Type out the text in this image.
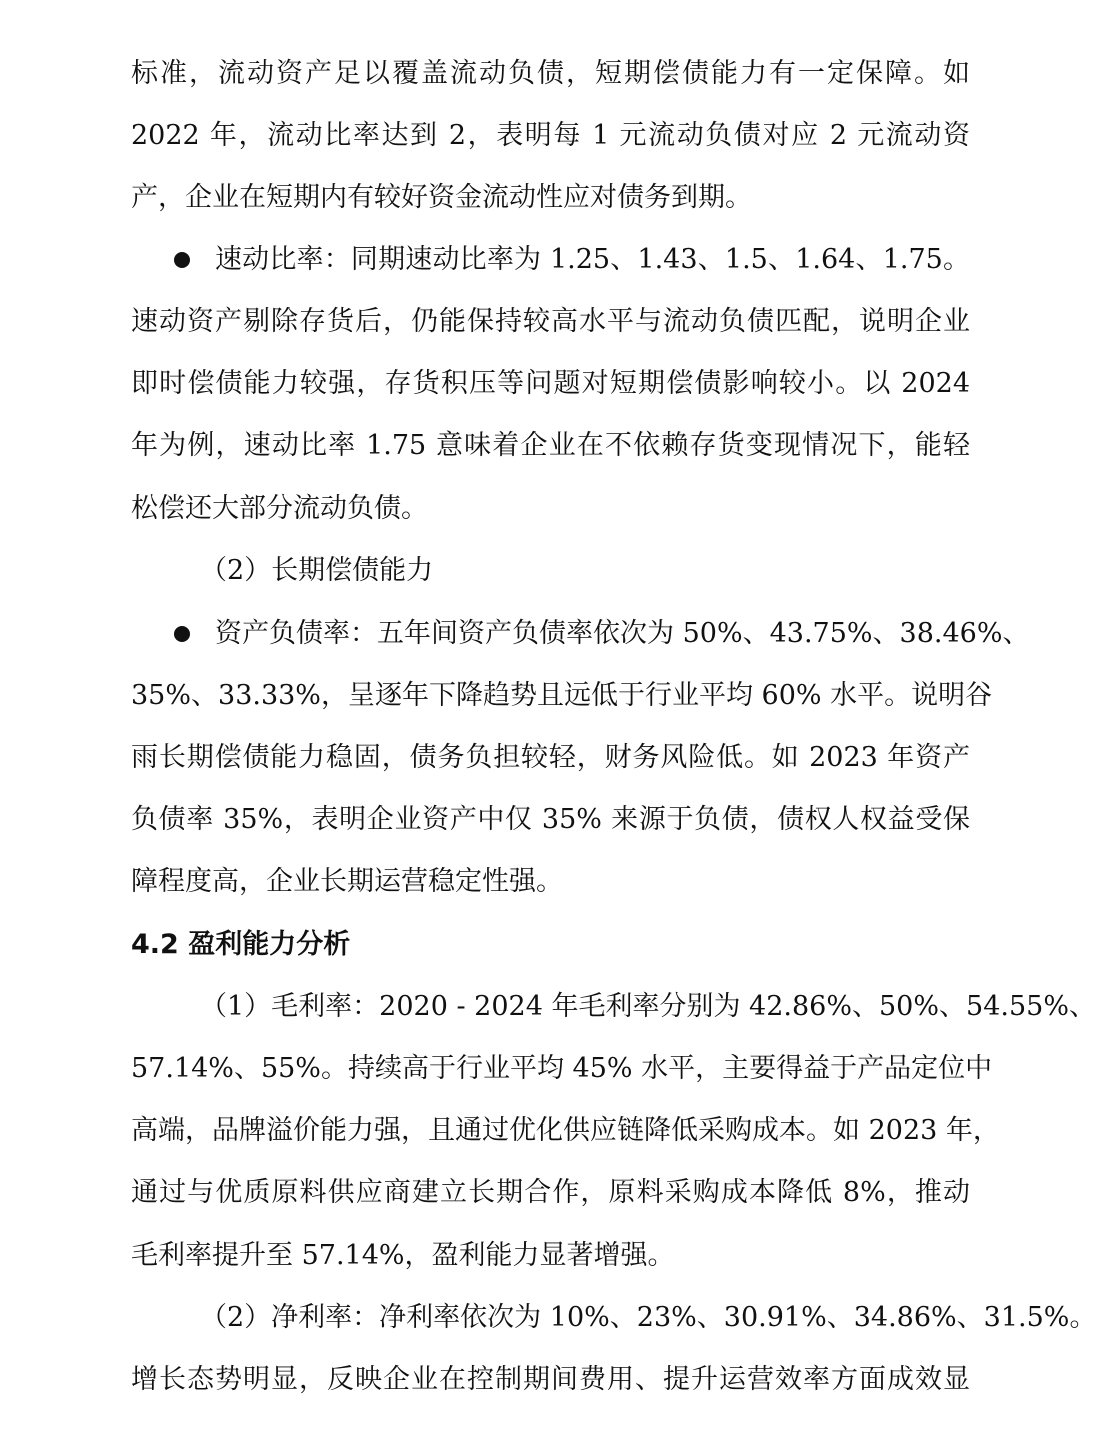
标准，流动资产足以覆盖流动负债，短期偿债能力有一定保障。如
2022 年，流动比率达到 2，表明每 1 元流动负债对应 2 元流动资
产，企业在短期内有较好资金流动性应对债务到期。
速动比率：同期速动比率为 1.25、1.43、1.5、1.64、1.75。
速动资产剔除存货后，仍能保持较高水平与流动负债匹配，说明企业
即时偿债能力较强，存货积压等问题对短期偿债影响较小。以 2024
年为例，速动比率 1.75 意味着企业在不依赖存货变现情况下，能轻
松偿还大部分流动负债。
（2）长期偿债能力
资产负债率：五年间资产负债率依次为 50%、43.75%、38.46%、
35%、33.33%，呈逐年下降趋势且远低于行业平均 60% 水平。说明谷
雨长期偿债能力稳固，债务负担较轻，财务风险低。如 2023 年资产
负债率 35%，表明企业资产中仅 35% 来源于负债，债权人权益受保
障程度高，企业长期运营稳定性强。
4.2 盈利能力分析
（1）毛利率：2020 - 2024 年毛利率分别为 42.86%、50%、54.55%、
57.14%、55%。持续高于行业平均 45% 水平，主要得益于产品定位中
高端，品牌溢价能力强，且通过优化供应链降低采购成本。如 2023 年，
通过与优质原料供应商建立长期合作，原料采购成本降低 8%，推动
毛利率提升至 57.14%，盈利能力显著增强。
（2）净利率：净利率依次为 10%、23%、30.91%、34.86%、31.5%。
增长态势明显，反映企业在控制期间费用、提升运营效率方面成效显
